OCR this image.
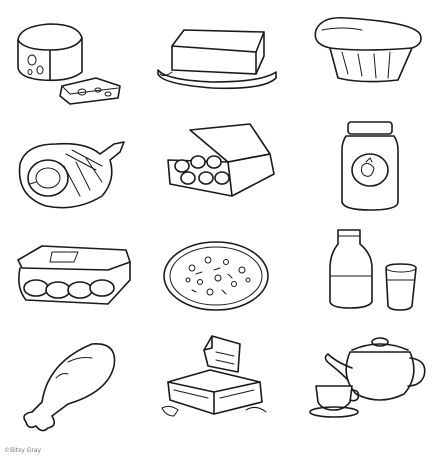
©Bitsy Gray
